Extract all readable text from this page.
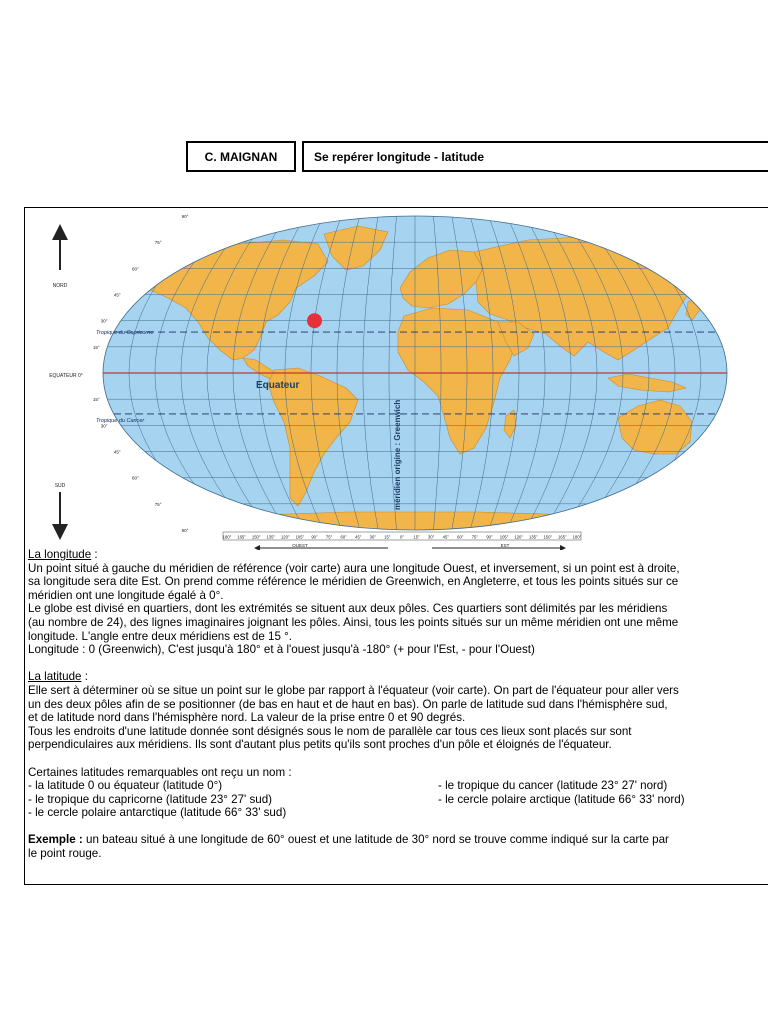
C. MAIGNAN	Se repérer longitude - latitude
NORD
SUD
EQUATEUR 0°
90°
75°
60°
45°
30°
15°
15°
30°
45°
60°
75°
90°
Tropique du Capricorne
Tropique du Cancer
Equateur
méridien origine : Greenwich
180° 165° 150° 135° 120° 105° 90° 75° 60° 45° 30° 15° 0° 15° 30° 45° 60° 75° 90° 105° 120° 135° 150° 165° 180°
OUEST	EST

La longitude :

Un point situé à gauche du méridien de référence (voir carte) aura une longitude Ouest, et inversement, si un point est à droite,

sa longitude sera dite Est. On prend comme référence le méridien de Greenwich, en Angleterre, et tous les points situés sur ce

méridien ont une longitude égalé à 0°.

Le globe est divisé en quartiers, dont les extrémités se situent aux deux pôles. Ces quartiers sont délimités par les méridiens

(au nombre de 24), des lignes imaginaires joignant les pôles. Ainsi, tous les points situés sur un même méridien ont une même

longitude. L'angle entre deux méridiens est de 15 °.

Longitude : 0 (Greenwich), C'est jusqu'à 180° et à l'ouest jusqu'à -180° (+ pour l'Est, - pour l'Ouest)

La latitude :

Elle sert à déterminer où se situe un point sur le globe par rapport à l'équateur (voir carte). On part de l'équateur pour aller vers

un des deux pôles afin de se positionner (de bas en haut et de haut en bas). On parle de latitude sud dans l'hémisphère sud,

et de latitude nord dans l'hémisphère nord. La valeur de la prise entre 0 et 90 degrés.

Tous les endroits d'une latitude donnée sont désignés sous le nom de parallèle car tous ces lieux sont placés sur sont

perpendiculaires aux méridiens. Ils sont d'autant plus petits qu'ils sont proches d'un pôle et éloignés de l'équateur.

Certaines latitudes remarquables ont reçu un nom :

- la latitude 0 ou équateur (latitude 0°)

- le tropique du capricorne (latitude 23° 27' sud)

- le cercle polaire antarctique (latitude 66° 33' sud)

- le tropique du cancer (latitude 23° 27' nord)

- le cercle polaire arctique (latitude 66° 33' nord)

Exemple : un bateau situé à une longitude de 60° ouest et une latitude de 30° nord se trouve comme indiqué sur la carte par

le point rouge.
